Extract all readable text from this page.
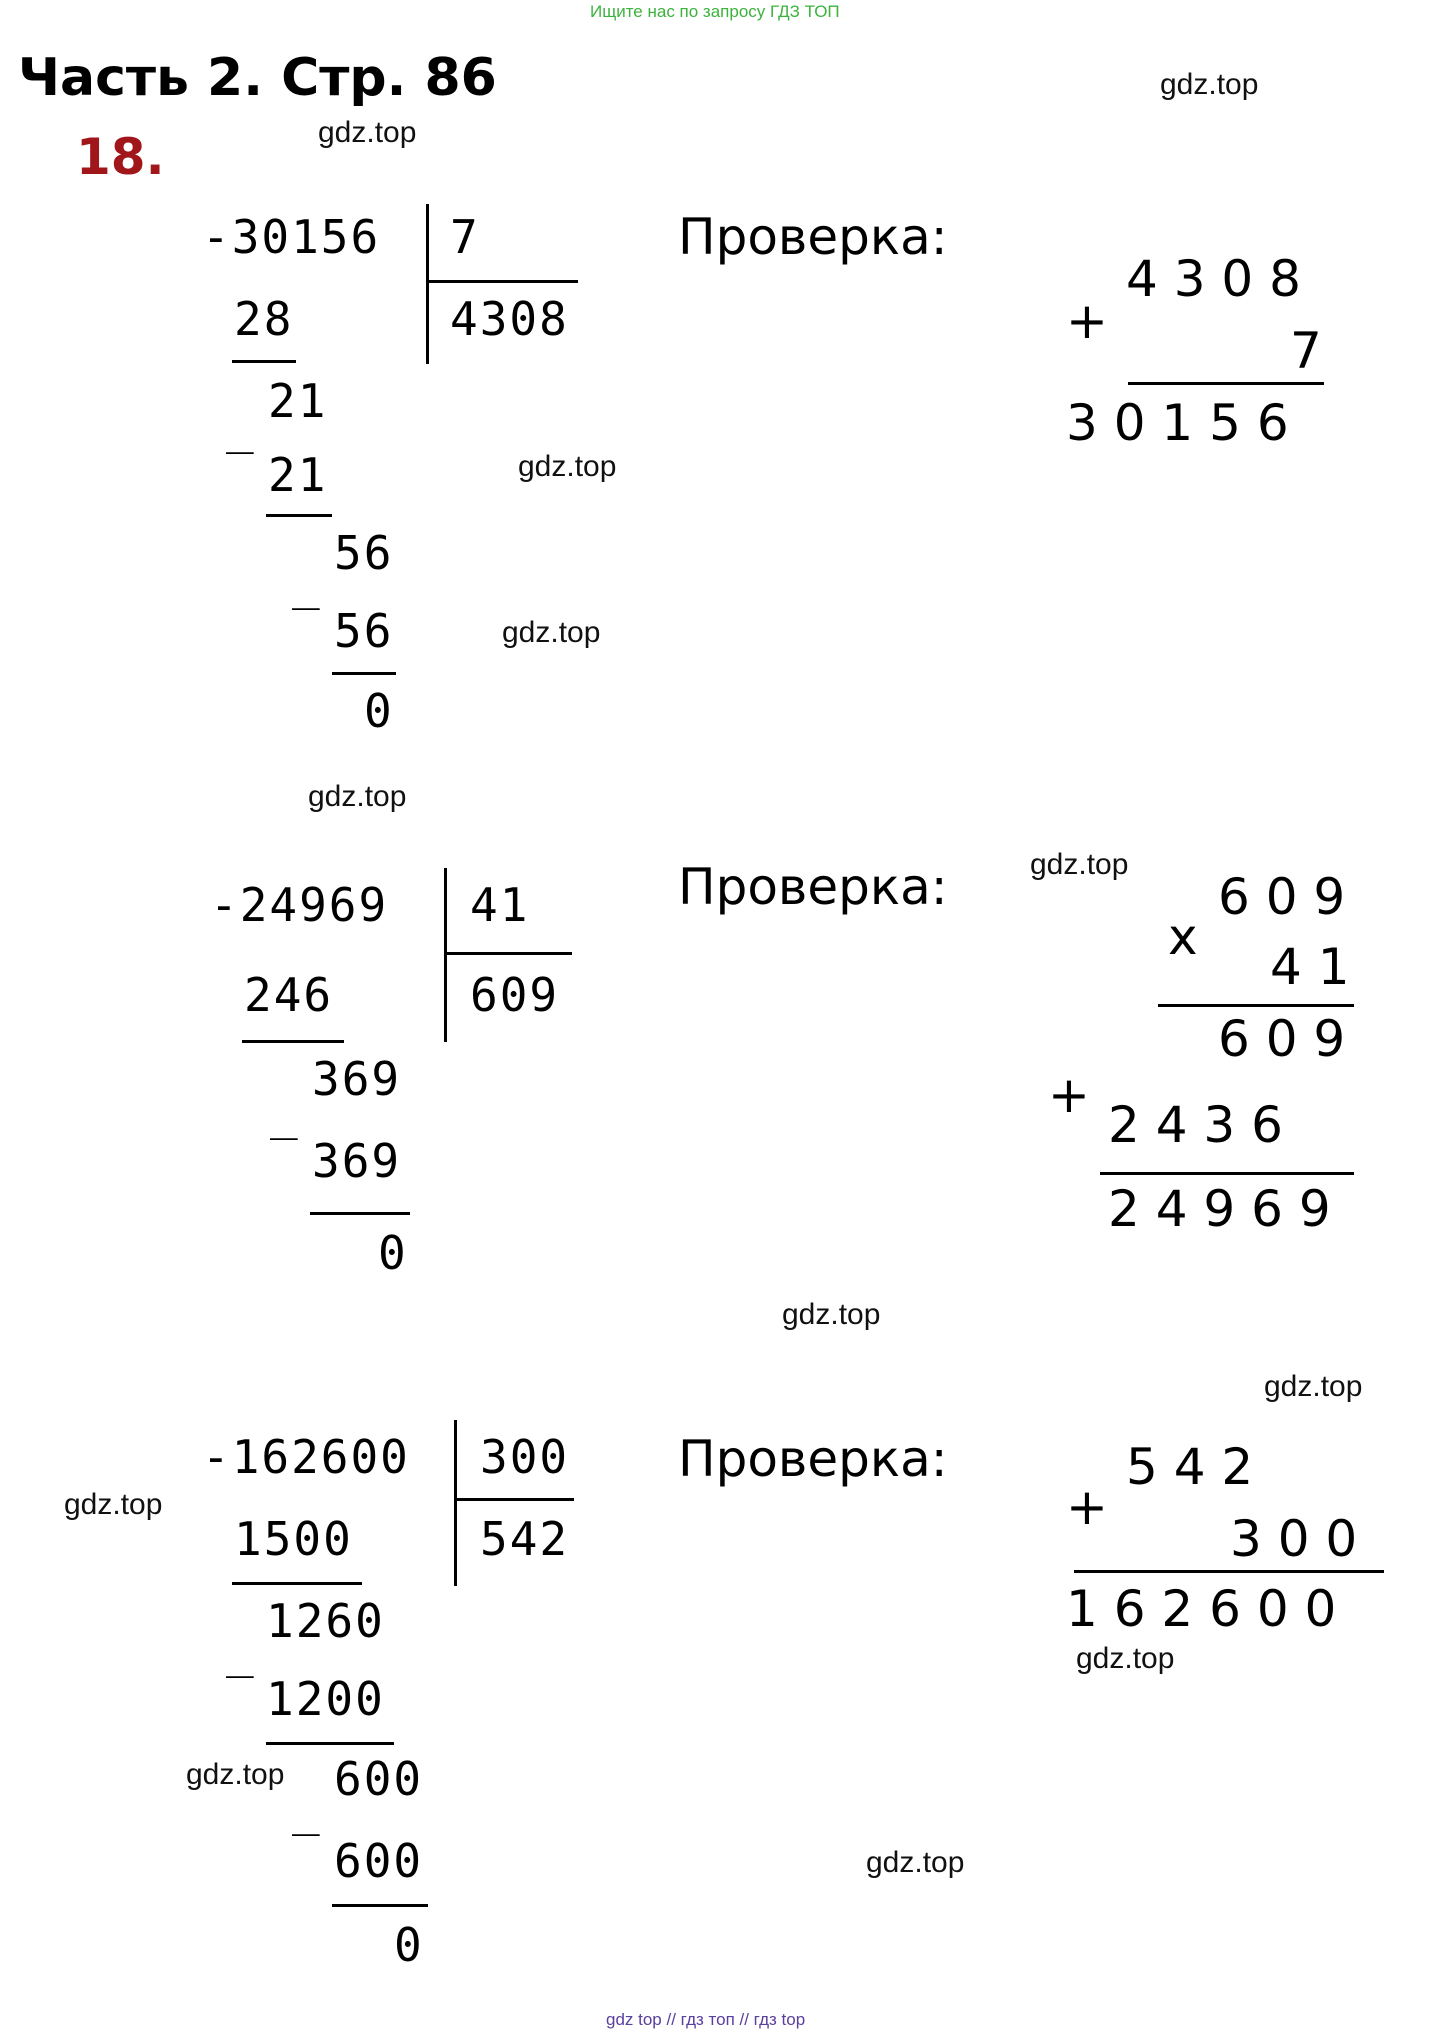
Ищите нас по запросу ГДЗ ТОП
Часть 2. Стр. 86
18.
gdz.top
gdz.top
gdz.top
gdz.top
gdz.top
gdz.top
gdz.top
gdz.top
gdz.top
gdz.top
gdz.top
gdz.top
-30156 7
4308
28
_ 21
21
_
56
56
0
Проверка:
+
4 3 0 8
7
3 0 1 5 6
-24969 41
609
246
_
369
369
0
Проверка:
x
6 0 9
4 1
6 0 9
+
2 4 3 6
2 4 9 6 9
-162600 300
542
1500
_
1260
1200
_
600
600
0
Проверка:
+
5 4 2
3 0 0
1 6 2 6 0 0
gdz top // гдз топ // гдз top
